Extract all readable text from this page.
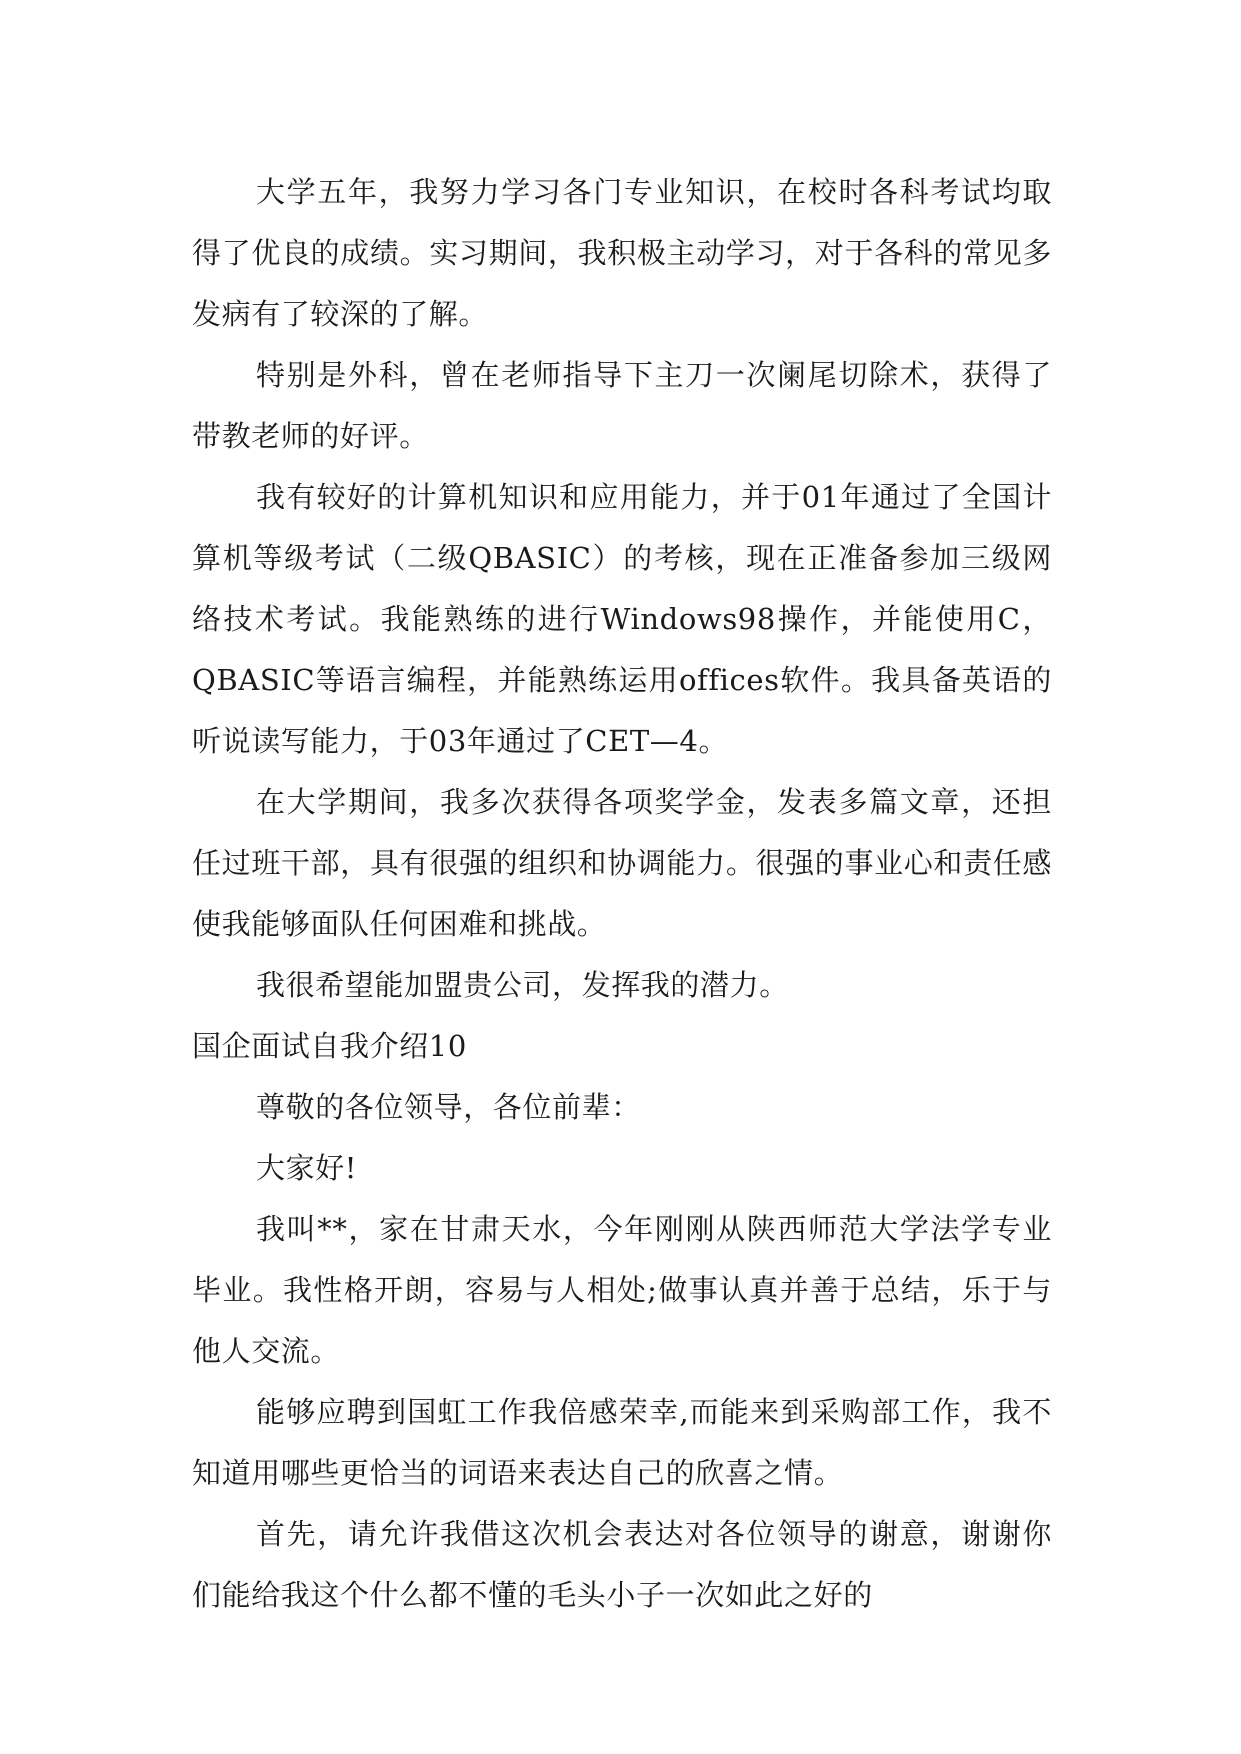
大学五年，我努力学习各门专业知识，在校时各科考试均取得了优良的成绩。实习期间，我积极主动学习，对于各科的常见多发病有了较深的了解。

特别是外科，曾在老师指导下主刀一次阑尾切除术，获得了带教老师的好评。

我有较好的计算机知识和应用能力，并于01年通过了全国计算机等级考试（二级QBASIC）的考核，现在正准备参加三级网络技术考试。我能熟练的进行Windows98操作，并能使用C，QBASIC等语言编程，并能熟练运用offices软件。我具备英语的听说读写能力，于03年通过了CET—4。

在大学期间，我多次获得各项奖学金，发表多篇文章，还担任过班干部，具有很强的组织和协调能力。很强的事业心和责任感使我能够面队任何困难和挑战。

我很希望能加盟贵公司，发挥我的潜力。

国企面试自我介绍10

尊敬的各位领导，各位前辈：

大家好!

我叫**，家在甘肃天水，今年刚刚从陕西师范大学法学专业毕业。我性格开朗，容易与人相处;做事认真并善于总结，乐于与他人交流。

能够应聘到国虹工作我倍感荣幸,而能来到采购部工作，我不知道用哪些更恰当的词语来表达自己的欣喜之情。

首先，请允许我借这次机会表达对各位领导的谢意，谢谢你们能给我这个什么都不懂的毛头小子一次如此之好的
